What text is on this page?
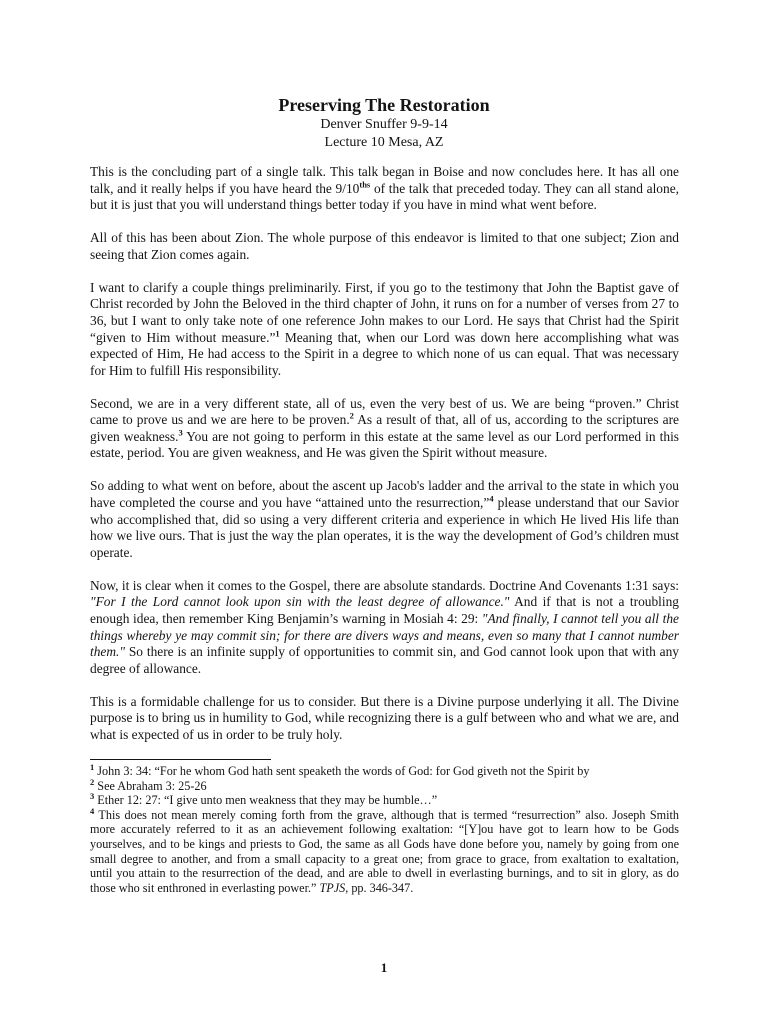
Preserving The Restoration
Denver Snuffer 9-9-14
Lecture 10 Mesa, AZ

This is the concluding part of a single talk. This talk began in Boise and now concludes here. It has all one talk, and it really helps if you have heard the $9/10^{ths}$ of the talk that preceded today. They can all stand alone, but it is just that you will understand things better today if you have in mind what went before.

All of this has been about Zion. The whole purpose of this endeavor is limited to that one subject; Zion and seeing that Zion comes again.

I want to clarify a couple things preliminarily. First, if you go to the testimony that John the Baptist gave of Christ recorded by John the Beloved in the third chapter of John, it runs on for a number of verses from 27 to 36, but I want to only take note of one reference John makes to our Lord. He says that Christ had the Spirit “given to Him without measure.”$^1$ Meaning that, when our Lord was down here accomplishing what was expected of Him, He had access to the Spirit in a degree to which none of us can equal. That was necessary for Him to fulfill His responsibility.

Second, we are in a very different state, all of us, even the very best of us. We are being “proven.” Christ came to prove us and we are here to be proven.$^2$ As a result of that, all of us, according to the scriptures are given weakness.$^3$ You are not going to perform in this estate at the same level as our Lord performed in this estate, period. You are given weakness, and He was given the Spirit without measure.

So adding to what went on before, about the ascent up Jacob's ladder and the arrival to the state in which you have completed the course and you have “attained unto the resurrection,”$^4$ please understand that our Savior who accomplished that, did so using a very different criteria and experience in which He lived His life than how we live ours. That is just the way the plan operates, it is the way the development of God’s children must operate.

Now, it is clear when it comes to the Gospel, there are absolute standards. Doctrine And Covenants 1:31 says: "For I the Lord cannot look upon sin with the least degree of allowance." And if that is not a troubling enough idea, then remember King Benjamin’s warning in Mosiah 4: 29: "And finally, I cannot tell you all the things whereby ye may commit sin; for there are divers ways and means, even so many that I cannot number them." So there is an infinite supply of opportunities to commit sin, and God cannot look upon that with any degree of allowance.

This is a formidable challenge for us to consider. But there is a Divine purpose underlying it all. The Divine purpose is to bring us in humility to God, while recognizing there is a gulf between who and what we are, and what is expected of us in order to be truly holy.

$^1$ John 3: 34: “For he whom God hath sent speaketh the words of God: for God giveth not the Spirit by

$^2$ See Abraham 3: 25-26

$^3$ Ether 12: 27: “I give unto men weakness that they may be humble…”

$^4$ This does not mean merely coming forth from the grave, although that is termed “resurrection” also. Joseph Smith more accurately referred to it as an achievement following exaltation: “[Y]ou have got to learn how to be Gods yourselves, and to be kings and priests to God, the same as all Gods have done before you, namely by going from one small degree to another, and from a small capacity to a great one; from grace to grace, from exaltation to exaltation, until you attain to the resurrection of the dead, and are able to dwell in everlasting burnings, and to sit in glory, as do those who sit enthroned in everlasting power.” TPJS, pp. 346-347.

1
